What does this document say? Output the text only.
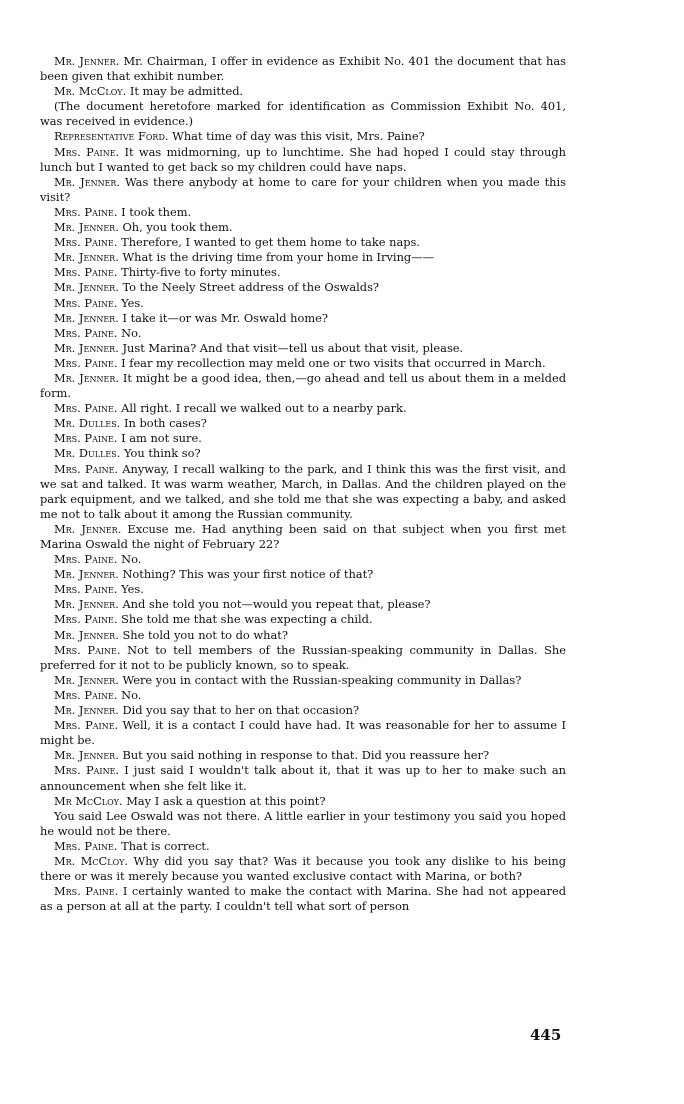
Mr. Jenner. Mr. Chairman, I offer in evidence as Exhibit No. 401 the document that has been given that exhibit number.

Mr. McCloy. It may be admitted.

(The document heretofore marked for identification as Commission Exhibit No. 401, was received in evidence.)

Representative Ford. What time of day was this visit, Mrs. Paine?

Mrs. Paine. It was midmorning, up to lunchtime. She had hoped I could stay through lunch but I wanted to get back so my children could have naps.

Mr. Jenner. Was there anybody at home to care for your children when you made this visit?

Mrs. Paine. I took them.

Mr. Jenner. Oh, you took them.

Mrs. Paine. Therefore, I wanted to get them home to take naps.

Mr. Jenner. What is the driving time from your home in Irving——

Mrs. Paine. Thirty-five to forty minutes.

Mr. Jenner. To the Neely Street address of the Oswalds?

Mrs. Paine. Yes.

Mr. Jenner. I take it—or was Mr. Oswald home?

Mrs. Paine. No.

Mr. Jenner. Just Marina? And that visit—tell us about that visit, please.

Mrs. Paine. I fear my recollection may meld one or two visits that occurred in March.

Mr. Jenner. It might be a good idea, then,—go ahead and tell us about them in a melded form.

Mrs. Paine. All right. I recall we walked out to a nearby park.

Mr. Dulles. In both cases?

Mrs. Paine. I am not sure.

Mr. Dulles. You think so?

Mrs. Paine. Anyway, I recall walking to the park, and I think this was the first visit, and we sat and talked. It was warm weather, March, in Dallas. And the children played on the park equipment, and we talked, and she told me that she was expecting a baby, and asked me not to talk about it among the Russian community.

Mr. Jenner. Excuse me. Had anything been said on that subject when you first met Marina Oswald the night of February 22?

Mrs. Paine. No.

Mr. Jenner. Nothing? This was your first notice of that?

Mrs. Paine. Yes.

Mr. Jenner. And she told you not—would you repeat that, please?

Mrs. Paine. She told me that she was expecting a child.

Mr. Jenner. She told you not to do what?

Mrs. Paine. Not to tell members of the Russian-speaking community in Dallas. She preferred for it not to be publicly known, so to speak.

Mr. Jenner. Were you in contact with the Russian-speaking community in Dallas?

Mrs. Paine. No.

Mr. Jenner. Did you say that to her on that occasion?

Mrs. Paine. Well, it is a contact I could have had. It was reasonable for her to assume I might be.

Mr. Jenner. But you said nothing in response to that. Did you reassure her?

Mrs. Paine. I just said I wouldn't talk about it, that it was up to her to make such an announcement when she felt like it.

Mr McCloy. May I ask a question at this point?

You said Lee Oswald was not there. A little earlier in your testimony you said you hoped he would not be there.

Mrs. Paine. That is correct.

Mr. McCloy. Why did you say that? Was it because you took any dislike to his being there or was it merely because you wanted exclusive contact with Marina, or both?

Mrs. Paine. I certainly wanted to make the contact with Marina. She had not appeared as a person at all at the party. I couldn't tell what sort of person

445
